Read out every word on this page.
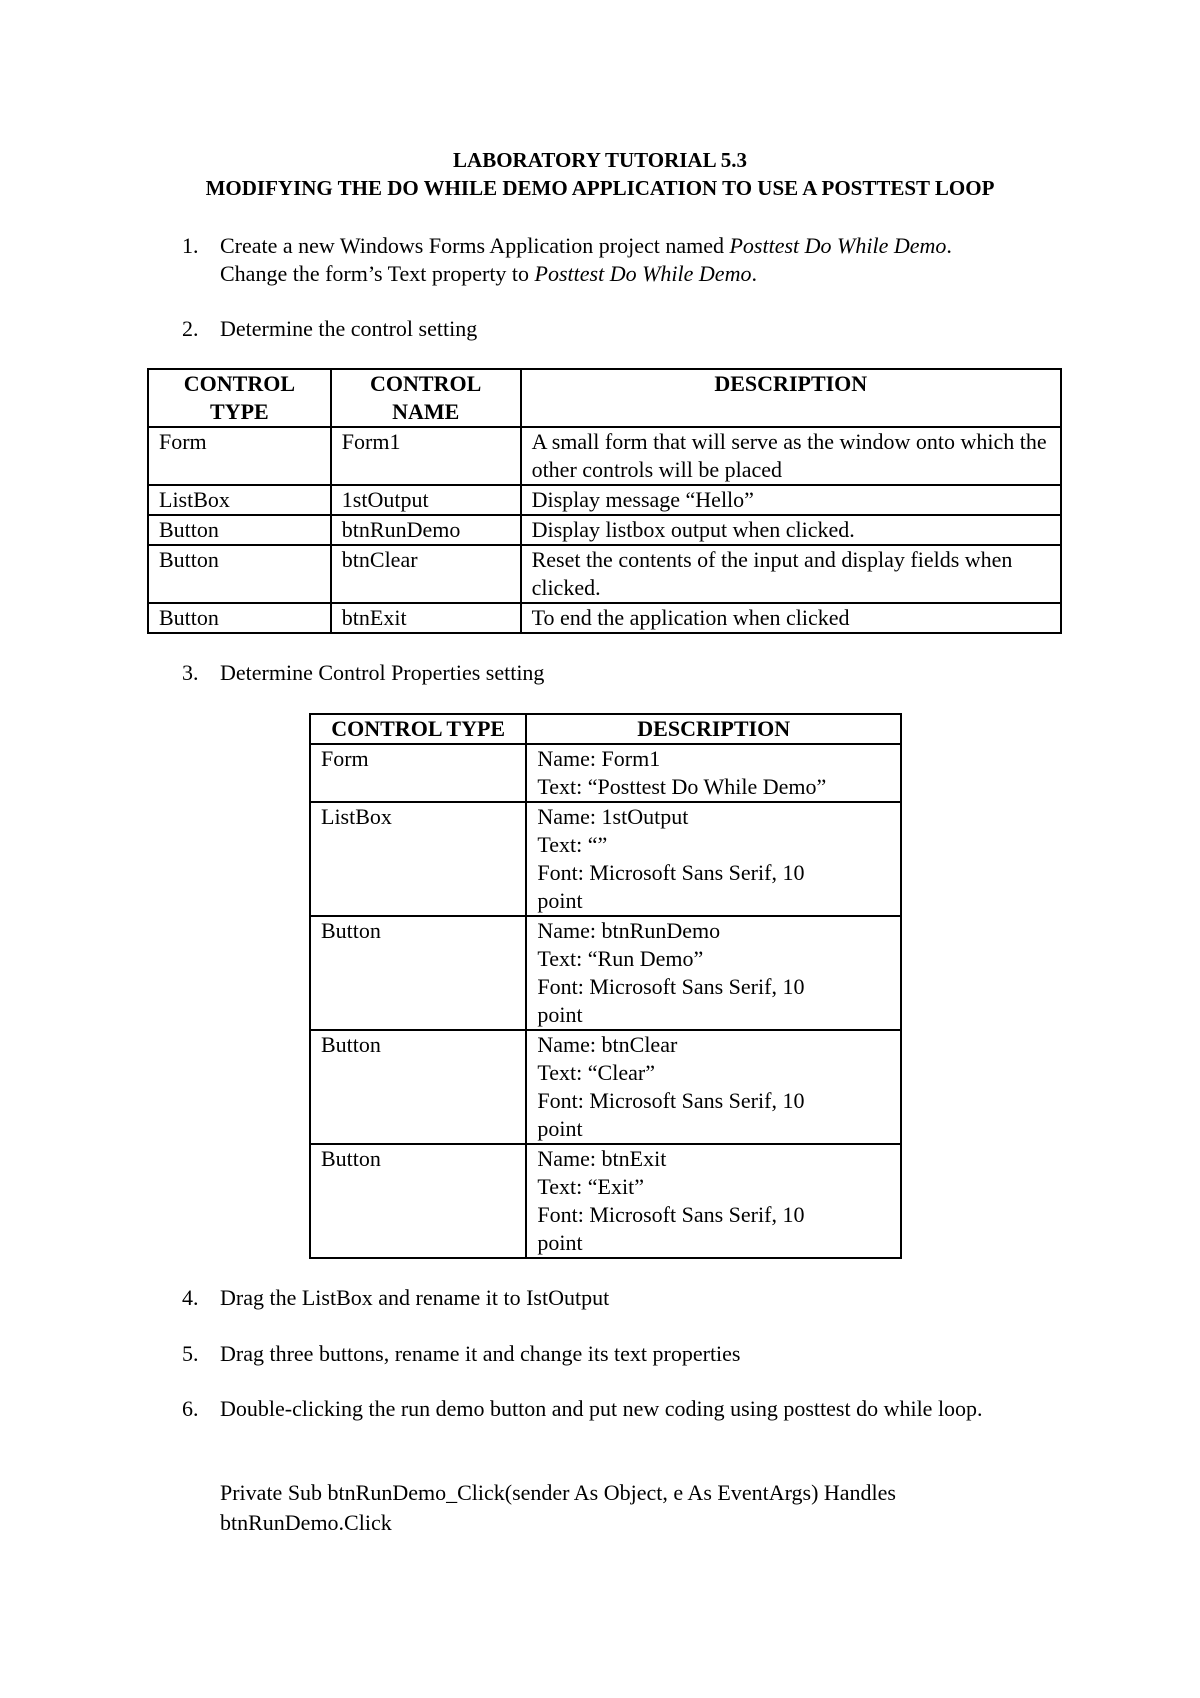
LABORATORY TUTORIAL 5.3
MODIFYING THE DO WHILE DEMO APPLICATION TO USE A POSTTEST LOOP
1. Create a new Windows Forms Application project named Posttest Do While Demo. Change the form’s Text property to Posttest Do While Demo.
2. Determine the control setting
CONTROL TYPE	CONTROL NAME	DESCRIPTION
Form	Form1	A small form that will serve as the window onto which the other controls will be placed
ListBox	1stOutput	Display message “Hello”
Button	btnRunDemo	Display listbox output when clicked.
Button	btnClear	Reset the contents of the input and display fields when clicked.
Button	btnExit	To end the application when clicked
3. Determine Control Properties setting
CONTROL TYPE	DESCRIPTION
Form	Name: Form1
Text: “Posttest Do While Demo”

ListBox	Name: 1stOutput
Text: “”
Font: Microsoft Sans Serif, 10
point

Button	Name: btnRunDemo
Text: “Run Demo”
Font: Microsoft Sans Serif, 10
point

Button	Name: btnClear
Text: “Clear”
Font: Microsoft Sans Serif, 10
point

Button	Name: btnExit
Text: “Exit”
Font: Microsoft Sans Serif, 10
point
4. Drag the ListBox and rename it to IstOutput
5. Drag three buttons, rename it and change its text properties
6. Double-clicking the run demo button and put new coding using posttest do while loop.
Private Sub btnRunDemo_Click(sender As Object, e As EventArgs) Handles
btnRunDemo.Click
